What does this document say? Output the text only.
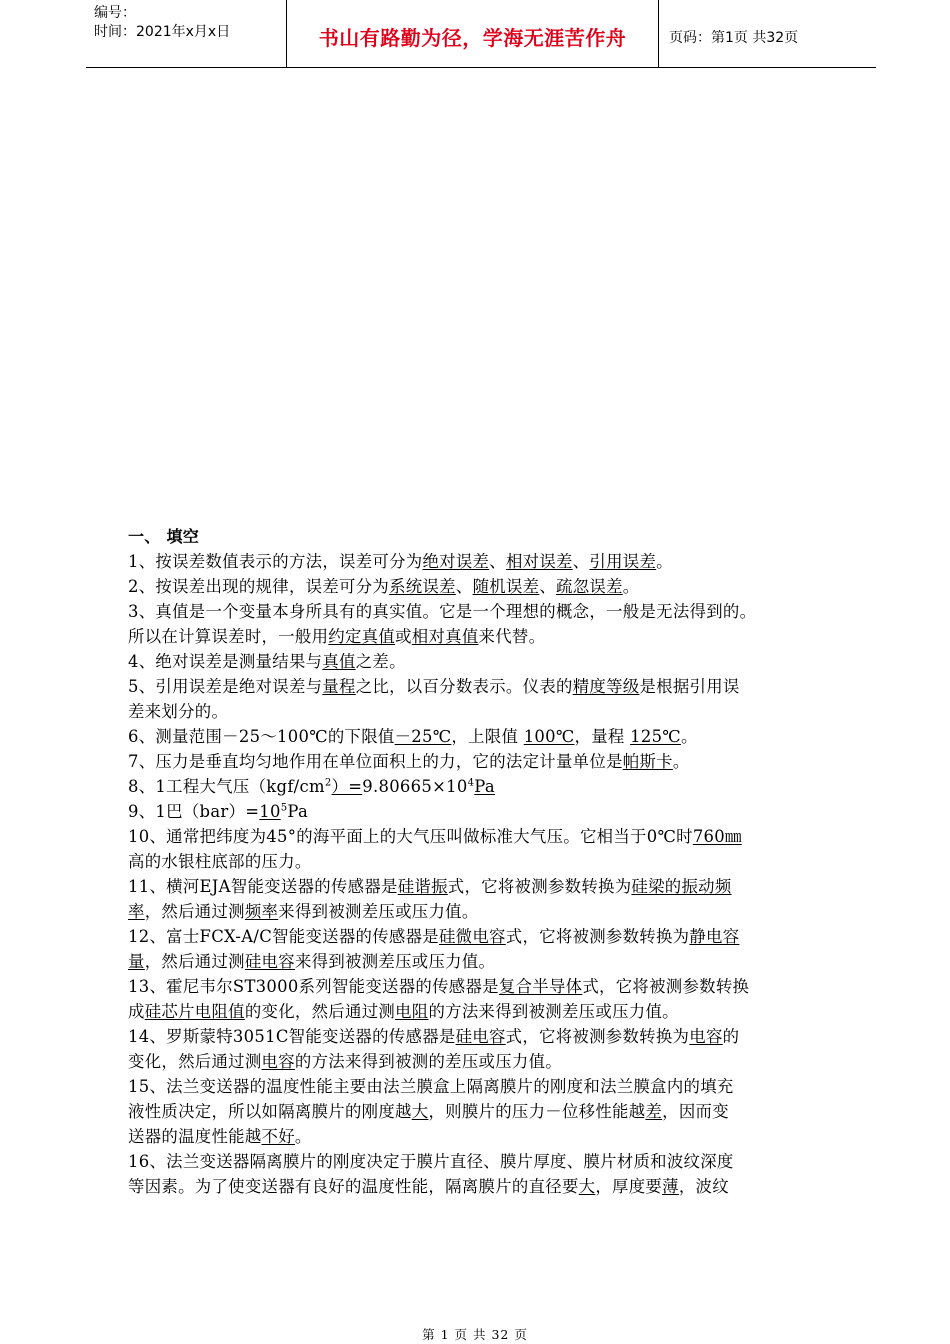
编号：
时间：2021年x月x日	书山有路勤为径，学海无涯苦作舟	页码：第1页 共32页

一、 填空

1、按误差数值表示的方法，误差可分为绝对误差、相对误差、引用误差。

2、按误差出现的规律，误差可分为系统误差、随机误差、疏忽误差。

3、真值是一个变量本身所具有的真实值。它是一个理想的概念，一般是无法得到的。

所以在计算误差时，一般用约定真值或相对真值来代替。

4、绝对误差是测量结果与真值之差。

5、引用误差是绝对误差与量程之比，以百分数表示。仪表的精度等级是根据引用误

差来划分的。

6、测量范围－25～100℃的下限值－25℃，上限值 100℃，量程 125℃。

7、压力是垂直均匀地作用在单位面积上的力，它的法定计量单位是帕斯卡。

8、1工程大气压$(kgf/cm^2)=9.80665\times 10^4Pa$

9、1巴$(bar)=10^5Pa$

10、通常把纬度为45°的海平面上的大气压叫做标准大气压。它相当于0℃时760㎜

高的水银柱底部的压力。

11、横河EJA智能变送器的传感器是硅谐振式，它将被测参数转换为硅梁的振动频

率，然后通过测频率来得到被测差压或压力值。

12、富士FCX-A/C智能变送器的传感器是硅微电容式，它将被测参数转换为静电容

量，然后通过测硅电容来得到被测差压或压力值。

13、霍尼韦尔ST3000系列智能变送器的传感器是复合半导体式，它将被测参数转换

成硅芯片电阻值的变化，然后通过测电阻的方法来得到被测差压或压力值。

14、罗斯蒙特3051C智能变送器的传感器是硅电容式，它将被测参数转换为电容的

变化，然后通过测电容的方法来得到被测的差压或压力值。

15、法兰变送器的温度性能主要由法兰膜盒上隔离膜片的刚度和法兰膜盒内的填充

液性质决定，所以如隔离膜片的刚度越大，则膜片的压力－位移性能越差，因而变

送器的温度性能越不好。

16、法兰变送器隔离膜片的刚度决定于膜片直径、膜片厚度、膜片材质和波纹深度

等因素。为了使变送器有良好的温度性能，隔离膜片的直径要大，厚度要薄，波纹

第 1 页 共 32 页
